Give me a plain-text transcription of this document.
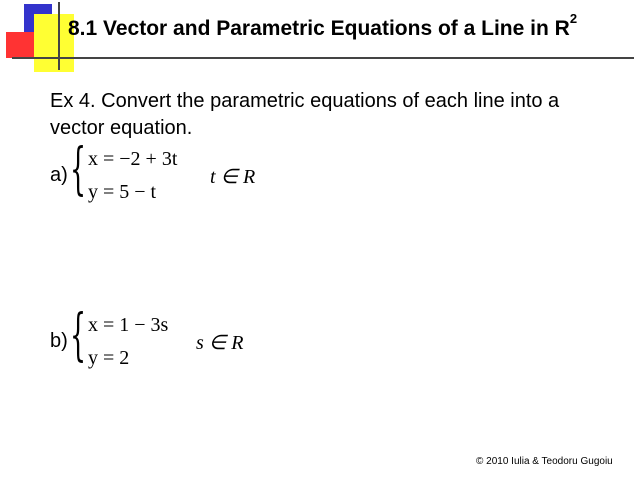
8.1 Vector and Parametric Equations of a Line in $R^2$

Ex 4. Convert the parametric equations of each line into a vector equation.

a) { x = −2 + 3t
y = 5 − t
t ∈ R
b) { x = 1 − 3s
y = 2
s ∈ R
© 2010 Iulia & Teodoru Gugoiu
